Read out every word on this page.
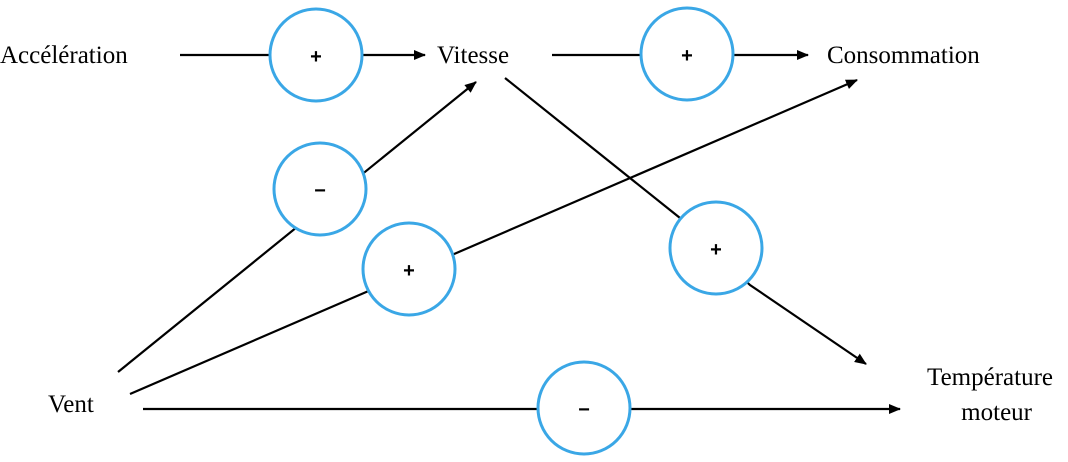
+	+
−
+
+
−
Accélération	Vitesse	Consommation
Vent
Température
moteur
